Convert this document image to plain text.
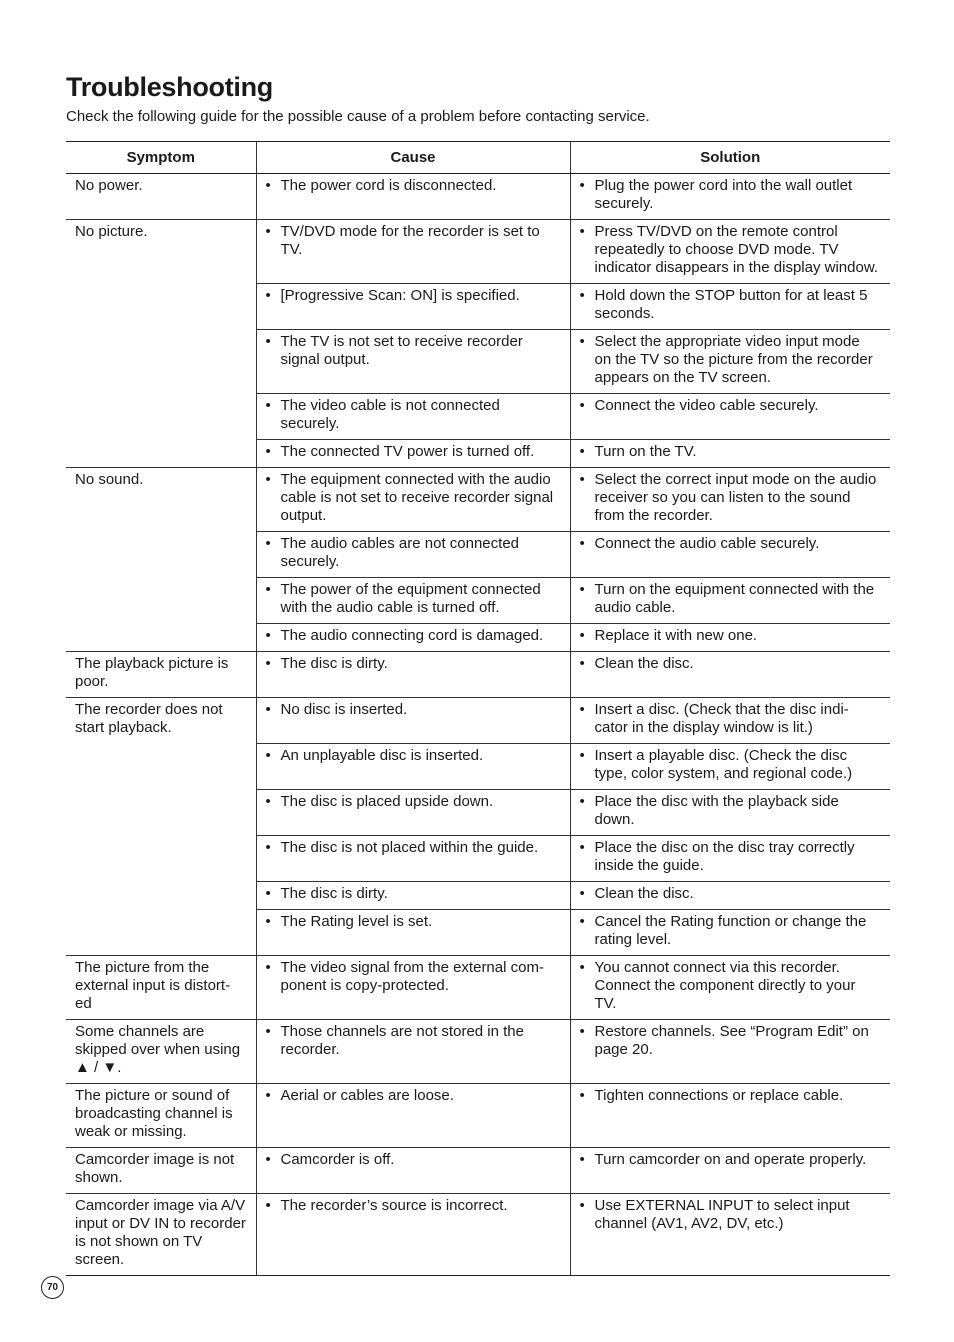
Troubleshooting

Check the following guide for the possible cause of a problem before contacting service.

Symptom	Cause	Solution
No power.	• The power cord is disconnected.	• Plug the power cord into the wall outlet securely.

No picture.	• TV/DVD mode for the recorder is set to TV.	• Press TV/DVD on the remote control repeatedly to choose DVD mode. TV indicator disappears in the display window.

	• [Progressive Scan: ON] is specified.	• Hold down the STOP button for at least 5 seconds.

	• The TV is not set to receive recorder signal output.	• Select the appropriate video input mode on the TV so the picture from the recorder appears on the TV screen.

	• The video cable is not connected securely.	• Connect the video cable securely.

	• The connected TV power is turned off.	• Turn on the TV.

No sound.	• The equipment connected with the audio cable is not set to receive recorder signal output.	• Select the correct input mode on the audio receiver so you can listen to the sound from the recorder.

	• The audio cables are not connected securely.	• Connect the audio cable securely.

	• The power of the equipment connected with the audio cable is turned off.	• Turn on the equipment connected with the audio cable.

	• The audio connecting cord is damaged.	• Replace it with new one.

The playback picture is poor.	• The disc is dirty.	• Clean the disc.

The recorder does not start playback.	• No disc is inserted.	• Insert a disc. (Check that the disc indi- cator in the display window is lit.)

	• An unplayable disc is inserted.	• Insert a playable disc. (Check the disc type, color system, and regional code.)

	• The disc is placed upside down.	• Place the disc with the playback side down.

	• The disc is not placed within the guide.	• Place the disc on the disc tray correctly inside the guide.

	• The disc is dirty.	• Clean the disc.

	• The Rating level is set.	• Cancel the Rating function or change the rating level.

The picture from the external input is distort- ed	• The video signal from the external com- ponent is copy-protected.	• You cannot connect via this recorder. Connect the component directly to your TV.

Some channels are skipped over when using ▲ / ▼.	• Those channels are not stored in the recorder.	• Restore channels. See “Program Edit” on page 20.

The picture or sound of broadcasting channel is weak or missing.	• Aerial or cables are loose.	• Tighten connections or replace cable.

Camcorder image is not shown.	• Camcorder is off.	• Turn camcorder on and operate properly.

Camcorder image via A/V input or DV IN to recorder is not shown on TV screen.	• The recorder’s source is incorrect.	• Use EXTERNAL INPUT to select input channel (AV1, AV2, DV, etc.)
70
